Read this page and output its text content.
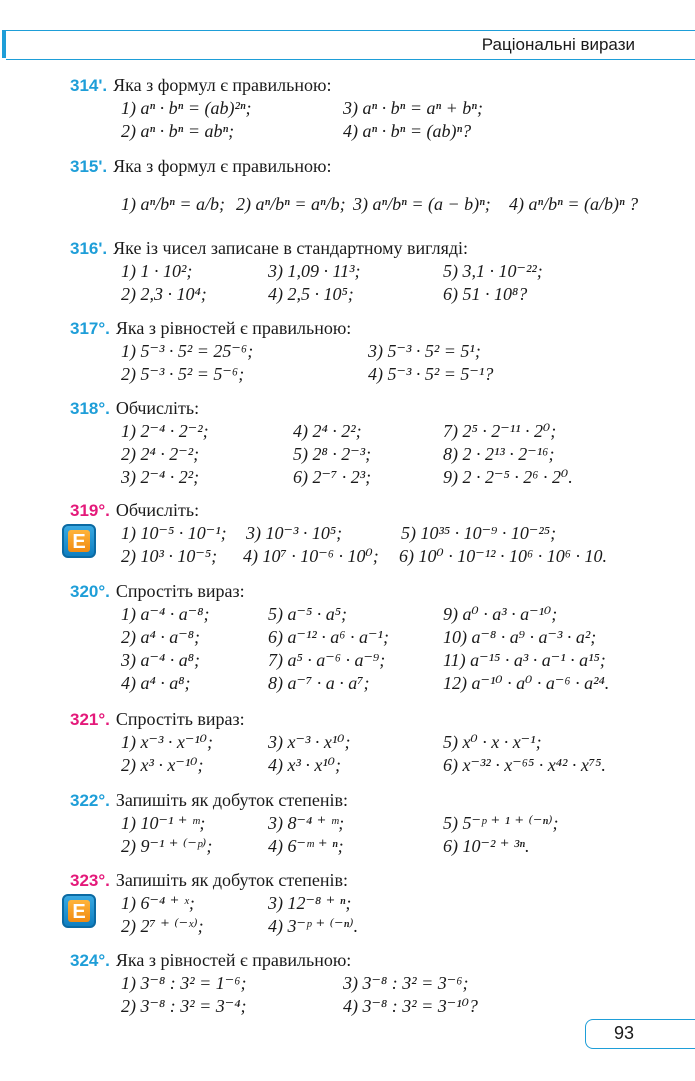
Раціональні вирази
314'. Яка з формул є правильною:
1) aⁿ · bⁿ = (ab)²ⁿ;	3) aⁿ · bⁿ = aⁿ + bⁿ;
2) aⁿ · bⁿ = abⁿ;	4) aⁿ · bⁿ = (ab)ⁿ?
315'. Яка з формул є правильною:
1) aⁿ/bⁿ = a/b; 2) aⁿ/bⁿ = aⁿ/b; 3) aⁿ/bⁿ = (a − b)ⁿ; 4) aⁿ/bⁿ = (a/b)ⁿ ?
316'. Яке із чисел записане в стандартному вигляді:
1) 1 · 10²;	3) 1,09 · 11³;	5) 3,1 · 10⁻²²;
2) 2,3 · 10⁴;	4) 2,5 · 10⁵;	6) 51 · 10⁸?
317°. Яка з рівностей є правильною:
1) 5⁻³ · 5² = 25⁻⁶;	3) 5⁻³ · 5² = 5¹;
2) 5⁻³ · 5² = 5⁻⁶;	4) 5⁻³ · 5² = 5⁻¹?
318°. Обчисліть:
1) 2⁻⁴ · 2⁻²;	4) 2⁴ · 2²;	7) 2⁵ · 2⁻¹¹ · 2⁰;
2) 2⁴ · 2⁻²;	5) 2⁸ · 2⁻³;	8) 2 · 2¹³ · 2⁻¹⁶;
3) 2⁻⁴ · 2²;	6) 2⁻⁷ · 2³;	9) 2 · 2⁻⁵ · 2⁶ · 2⁰.
319°. Обчисліть:
E 1) 10⁻⁵ · 10⁻¹; 3) 10⁻³ · 10⁵;	5) 10³⁵ · 10⁻⁹ · 10⁻²⁵;
2) 10³ · 10⁻⁵; 4) 10⁷ · 10⁻⁶ · 10⁰; 6) 10⁰ · 10⁻¹² · 10⁶ · 10⁶ · 10.
320°. Спростіть вираз:
1) a⁻⁴ · a⁻⁸;	5) a⁻⁵ · a⁵;	9) a⁰ · a³ · a⁻¹⁰;
2) a⁴ · a⁻⁸;	6) a⁻¹² · a⁶ · a⁻¹;	10) a⁻⁸ · a⁹ · a⁻³ · a²;
3) a⁻⁴ · a⁸;	7) a⁵ · a⁻⁶ · a⁻⁹;	11) a⁻¹⁵ · a³ · a⁻¹ · a¹⁵;
4) a⁴ · a⁸;	8) a⁻⁷ · a · a⁷;	12) a⁻¹⁰ · a⁰ · a⁻⁶ · a²⁴.
321°. Спростіть вираз:
1) x⁻³ · x⁻¹⁰;	3) x⁻³ · x¹⁰;	5) x⁰ · x · x⁻¹;
2) x³ · x⁻¹⁰;	4) x³ · x¹⁰;	6) x⁻³² · x⁻⁶⁵ · x⁴² · x⁷⁵.
322°. Запишіть як добуток степенів:
1) 10⁻¹ ⁺ ᵐ;	3) 8⁻⁴ ⁺ ᵐ;	5) 5⁻ᵖ ⁺ ¹ ⁺ ⁽⁻ⁿ⁾;
2) 9⁻¹ ⁺ ⁽⁻ᵖ⁾;	4) 6⁻ᵐ ⁺ ⁿ;	6) 10⁻² ⁺ ³ⁿ.
323°. Запишіть як добуток степенів:
E 1) 6⁻⁴ ⁺ ˣ;	3) 12⁻⁸ ⁺ ⁿ;
2) 2⁷ ⁺ ⁽⁻ˣ⁾;	4) 3⁻ᵖ ⁺ ⁽⁻ⁿ⁾.
324°. Яка з рівностей є правильною:
1) 3⁻⁸ : 3² = 1⁻⁶;	3) 3⁻⁸ : 3² = 3⁻⁶;
2) 3⁻⁸ : 3² = 3⁻⁴;	4) 3⁻⁸ : 3² = 3⁻¹⁰?
93
